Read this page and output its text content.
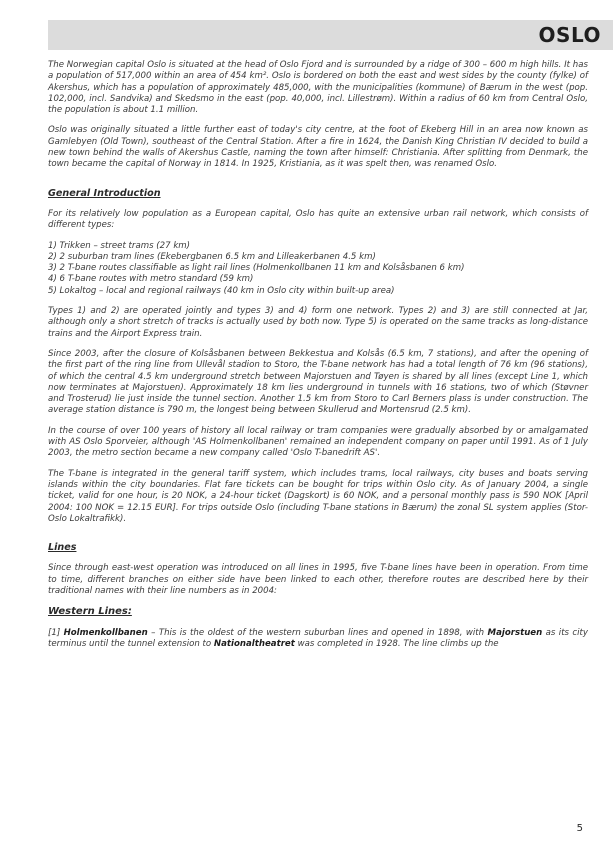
OSLO

The Norwegian capital Oslo is situated at the head of Oslo Fjord and is surrounded by a ridge of 300 – 600 m high hills. It has a population of 517,000 within an area of 454 km². Oslo is bordered on both the east and west sides by the county (fylke) of Akershus, which has a population of approximately 485,000, with the municipalities (kommune) of Bærum in the west (pop. 102,000, incl. Sandvika) and Skedsmo in the east (pop. 40,000, incl. Lillestrøm). Within a radius of 60 km from Central Oslo, the population is about 1.1 million.

Oslo was originally situated a little further east of today's city centre, at the foot of Ekeberg Hill in an area now known as Gamlebyen (Old Town), southeast of the Central Station. After a fire in 1624, the Danish King Christian IV decided to build a new town behind the walls of Akershus Castle, naming the town after himself: Christiania. After splitting from Denmark, the town became the capital of Norway in 1814. In 1925, Kristiania, as it was spelt then, was renamed Oslo.

General Introduction

For its relatively low population as a European capital, Oslo has quite an extensive urban rail network, which consists of different types:

1) Trikken – street trams (27 km)
2) 2 suburban tram lines (Ekebergbanen 6.5 km and Lilleakerbanen 4.5 km)
3) 2 T-bane routes classifiable as light rail lines (Holmenkollbanen 11 km and Kolsåsbanen 6 km)
4) 6 T-bane routes with metro standard (59 km)
5) Lokaltog – local and regional railways (40 km in Oslo city within built-up area)

Types 1) and 2) are operated jointly and types 3) and 4) form one network. Types 2) and 3) are still connected at Jar, although only a short stretch of tracks is actually used by both now. Type 5) is operated on the same tracks as long-distance trains and the Airport Express train.

Since 2003, after the closure of Kolsåsbanen between Bekkestua and Kolsås (6.5 km, 7 stations), and after the opening of the first part of the ring line from Ullevål stadion to Storo, the T-bane network has had a total length of 76 km (96 stations), of which the central 4.5 km underground stretch between Majorstuen and Tøyen is shared by all lines (except Line 1, which now terminates at Majorstuen). Approximately 18 km lies underground in tunnels with 16 stations, two of which (Støvner and Trosterud) lie just inside the tunnel section. Another 1.5 km from Storo to Carl Berners plass is under construction. The average station distance is 790 m, the longest being between Skullerud and Mortensrud (2.5 km).

In the course of over 100 years of history all local railway or tram companies were gradually absorbed by or amalgamated with AS Oslo Sporveier, although 'AS Holmenkollbanen' remained an independent company on paper until 1991. As of 1 July 2003, the metro section became a new company called 'Oslo T-banedrift AS'.

The T-bane is integrated in the general tariff system, which includes trams, local railways, city buses and boats serving islands within the city boundaries. Flat fare tickets can be bought for trips within Oslo city. As of January 2004, a single ticket, valid for one hour, is 20 NOK, a 24-hour ticket (Dagskort) is 60 NOK, and a personal monthly pass is 590 NOK [April 2004: 100 NOK = 12.15 EUR]. For trips outside Oslo (including T-bane stations in Bærum) the zonal SL system applies (Stor-Oslo Lokaltrafikk).

Lines

Since through east-west operation was introduced on all lines in 1995, five T-bane lines have been in operation. From time to time, different branches on either side have been linked to each other, therefore routes are described here by their traditional names with their line numbers as in 2004:

Western Lines:

[1] Holmenkollbanen – This is the oldest of the western suburban lines and opened in 1898, with Majorstuen as its city terminus until the tunnel extension to Nationaltheatret was completed in 1928. The line climbs up the

5
